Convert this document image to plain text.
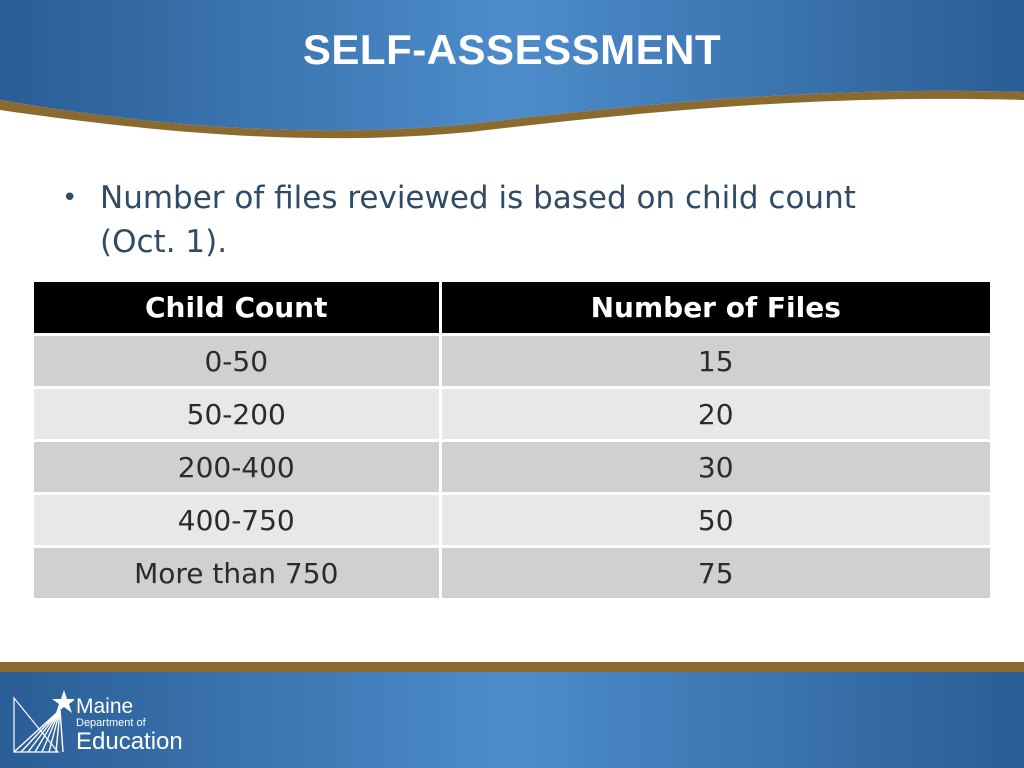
SELF-ASSESSMENT
• Number of files reviewed is based on child count (Oct. 1).
Child Count	Number of Files
0-50	15
50-200	20
200-400	30
400-750	50
More than 750	75
Maine
Department of
Education
